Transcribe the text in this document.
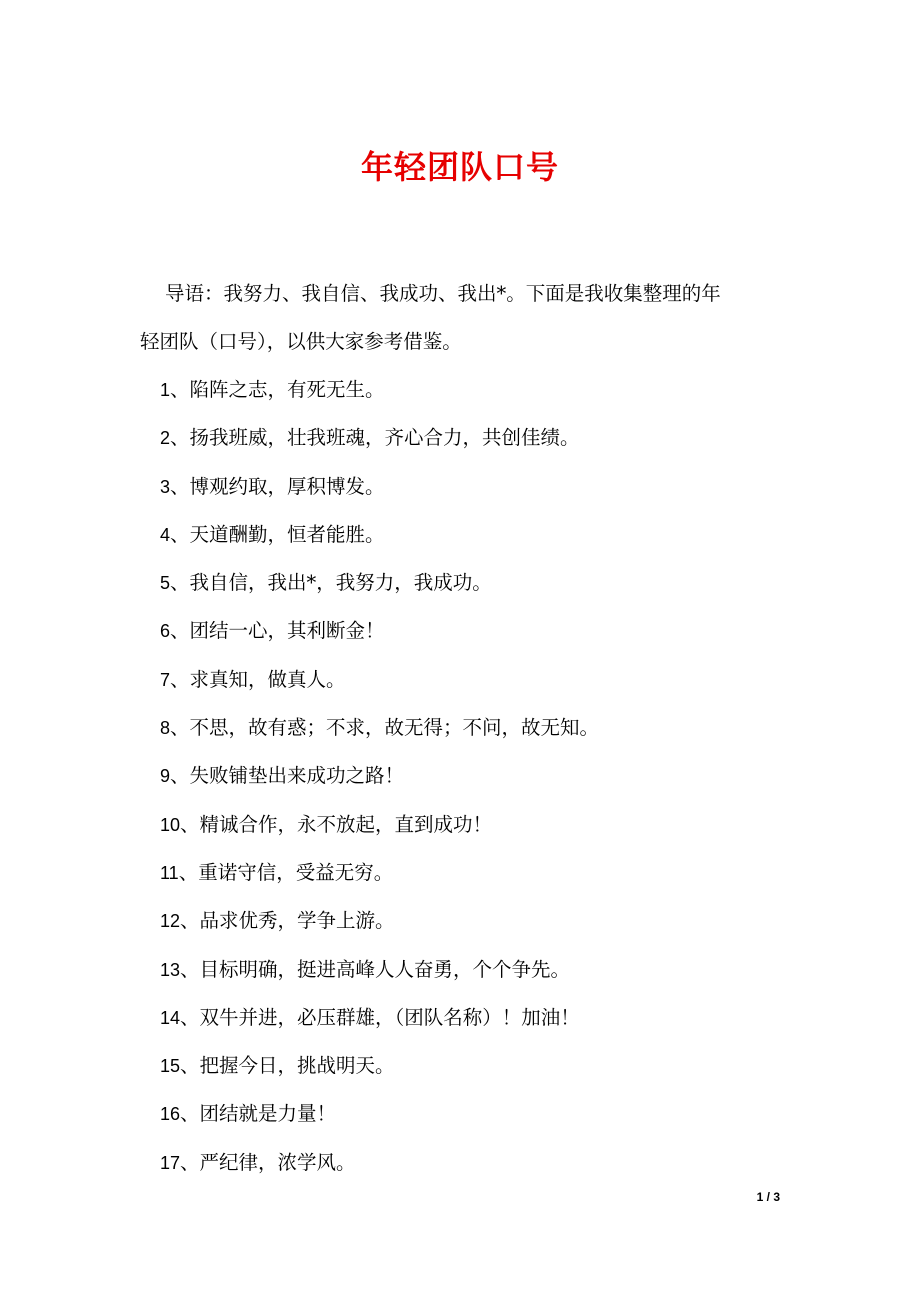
年轻团队口号
导语：我努力、我自信、我成功、我出*。下面是我收集整理的年
轻团队（口号），以供大家参考借鉴。
1、陷阵之志，有死无生。
2、扬我班威，壮我班魂，齐心合力，共创佳绩。
3、博观约取，厚积博发。
4、天道酬勤，恒者能胜。
5、我自信，我出*，我努力，我成功。
6、团结一心，其利断金！
7、求真知，做真人。
8、不思，故有惑；不求，故无得；不问，故无知。
9、失败铺垫出来成功之路！
10、精诚合作，永不放起，直到成功！
11、重诺守信，受益无穷。
12、品求优秀，学争上游。
13、目标明确，挺进高峰人人奋勇，个个争先。
14、双牛并进，必压群雄，（团队名称）！加油！
15、把握今日，挑战明天。
16、团结就是力量！
17、严纪律，浓学风。
1 / 3
